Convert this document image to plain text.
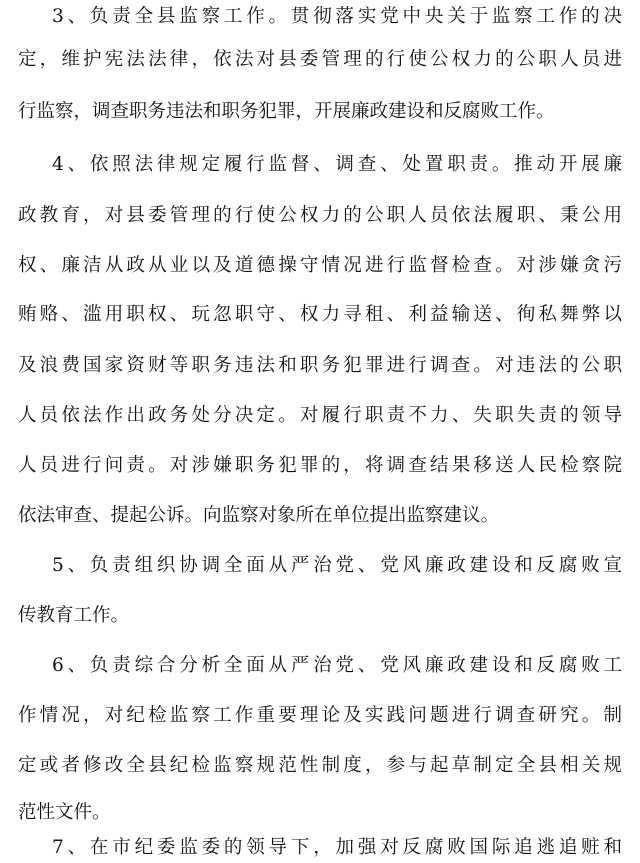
3、负责全县监察工作。贯彻落实党中央关于监察工作的决
定，维护宪法法律，依法对县委管理的行使公权力的公职人员进
行监察，调查职务违法和职务犯罪，开展廉政建设和反腐败工作。
4、依照法律规定履行监督、调查、处置职责。推动开展廉
政教育，对县委管理的行使公权力的公职人员依法履职、秉公用
权、廉洁从政从业以及道德操守情况进行监督检查。对涉嫌贪污
贿赂、滥用职权、玩忽职守、权力寻租、利益输送、徇私舞弊以
及浪费国家资财等职务违法和职务犯罪进行调查。对违法的公职
人员依法作出政务处分决定。对履行职责不力、失职失责的领导
人员进行问责。对涉嫌职务犯罪的，将调查结果移送人民检察院
依法审查、提起公诉。向监察对象所在单位提出监察建议。
5、负责组织协调全面从严治党、党风廉政建设和反腐败宣
传教育工作。
6、负责综合分析全面从严治党、党风廉政建设和反腐败工
作情况，对纪检监察工作重要理论及实践问题进行调查研究。制
定或者修改全县纪检监察规范性制度，参与起草制定全县相关规
范性文件。
7、在市纪委监委的领导下，加强对反腐败国际追逃追赃和
